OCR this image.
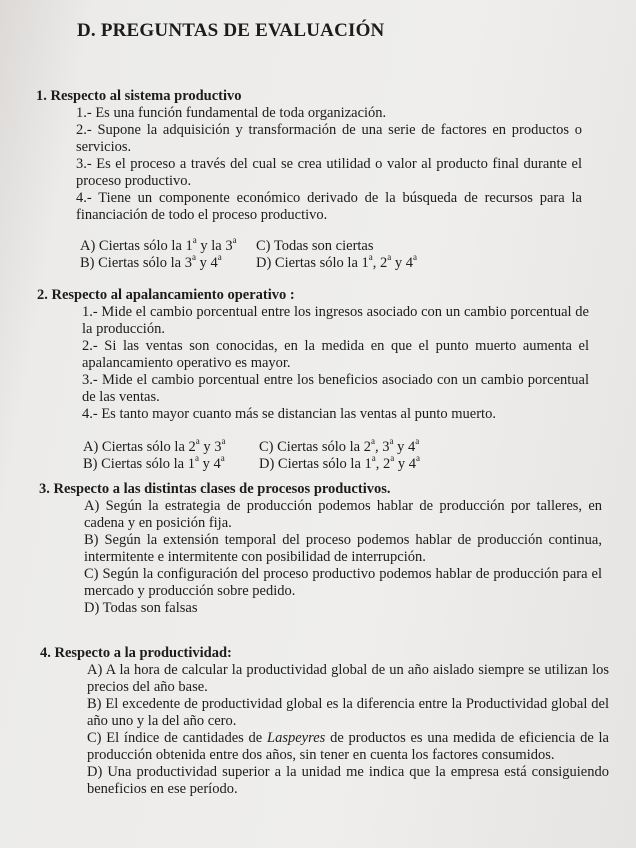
D. PREGUNTAS DE EVALUACIÓN
1. Respecto al sistema productivo

1.- Es una función fundamental de toda organización.

2.- Supone la adquisición y transformación de una serie de factores en productos o servicios.

3.- Es el proceso a través del cual se crea utilidad o valor al producto final durante el proceso productivo.

4.- Tiene un componente económico derivado de la búsqueda de recursos para la financiación de todo el proceso productivo.

A) Ciertas sólo la 1$^a$ y la 3$^a$	C) Todas son ciertas
B) Ciertas sólo la 3$^a$ y 4$^a$	D) Ciertas sólo la 1$^a$, 2$^a$ y 4$^a$
2. Respecto al apalancamiento operativo :

1.- Mide el cambio porcentual entre los ingresos asociado con un cambio porcentual de la producción.

2.- Si las ventas son conocidas, en la medida en que el punto muerto aumenta el apalancamiento operativo es mayor.

3.- Mide el cambio porcentual entre los beneficios asociado con un cambio porcentual de las ventas.

4.- Es tanto mayor cuanto más se distancian las ventas al punto muerto.

A) Ciertas sólo la 2$^a$ y 3$^a$	C) Ciertas sólo la 2$^a$, 3$^a$ y 4$^a$
B) Ciertas sólo la 1$^a$ y 4$^a$	D) Ciertas sólo la 1$^a$, 2$^a$ y 4$^a$
3. Respecto a las distintas clases de procesos productivos.

A) Según la estrategia de producción podemos hablar de producción por talleres, en cadena y en posición fija.

B) Según la extensión temporal del proceso podemos hablar de producción continua, intermitente e intermitente con posibilidad de interrupción.

C) Según la configuración del proceso productivo podemos hablar de producción para el mercado y producción sobre pedido.

D) Todas son falsas

4. Respecto a la productividad:

A) A la hora de calcular la productividad global de un año aislado siempre se utilizan los precios del año base.

B) El excedente de productividad global es la diferencia entre la Productividad global del año uno y la del año cero.

C) El índice de cantidades de Laspeyres de productos es una medida de eficiencia de la producción obtenida entre dos años, sin tener en cuenta los factores consumidos.

D) Una productividad superior a la unidad me indica que la empresa está consiguiendo beneficios en ese período.
